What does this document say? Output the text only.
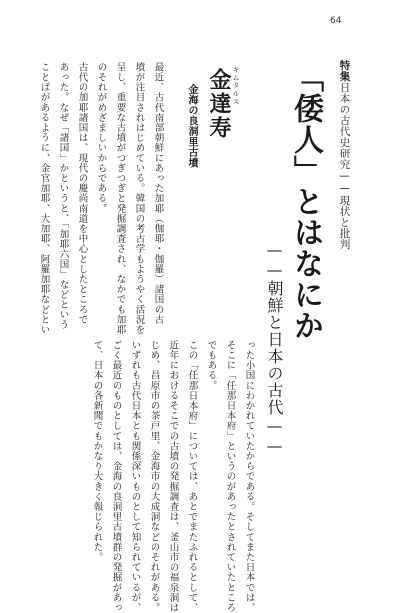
64
特集日本の古代史研究——現状と批判
「倭人」とはなにか
——朝鮮と日本の古代——
キムタルス
金達寿
金海の良洞里古墳
最近、古代南部朝鮮にあった加耶（伽耶・伽羅）諸国の古
墳が注目されはじめている。韓国の考古学もようやく活況を
呈し、重要な古墳がつぎつぎと発掘調査され、なかでも加耶
のそれがめざましいからである。
古代の加耶諸国は、現代の慶尚南道を中心としたところで
あった。なぜ「諸国」かというと、「加耶六国」などという
ことばがあるように、金官加耶、大加耶、阿羅加耶などとい
った小国にわかれていたからである。そしてまた日本では、
そこに「任那日本府」というのがあったとされていたところ
でもある。
この「任那日本府」については、あとでまたふれるとして、
近年におけるそこでの古墳の発掘調査は、釜山市の福泉洞は
じめ、昌原市の茶戸里、金海市の大成洞などのそれがある。
いずれも古代日本とも関係深いものとして知られているが、
ごく最近のものとしては、金海の良洞里古墳群の発掘があっ
て、日本の各新聞でもかなり大きく報じられた。
